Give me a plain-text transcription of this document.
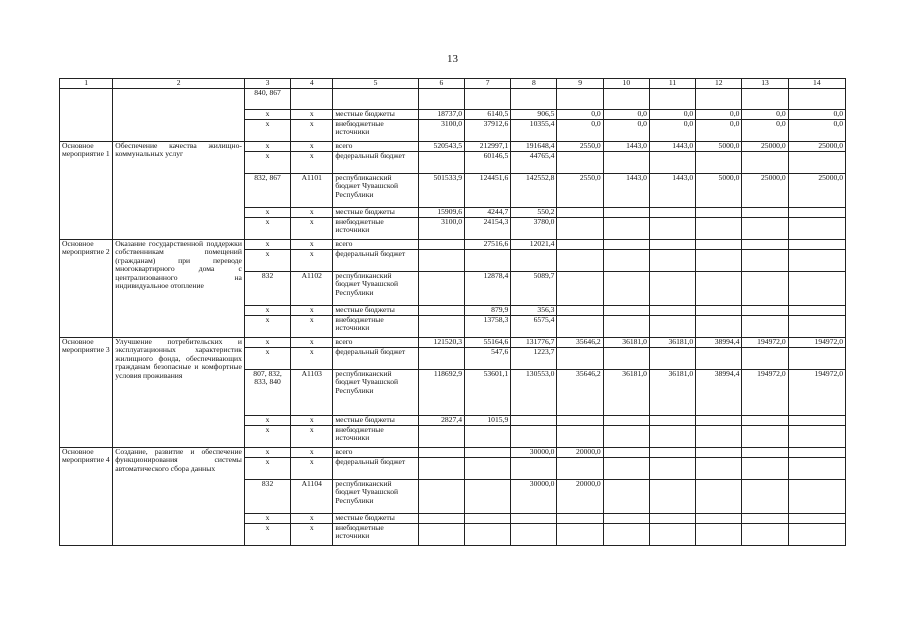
13
1	2	3	4	5	6	7	8	9	10	11	12	13	14
		840, 867											
		х	х	местные бюджеты	18737,0	6140,5	906,5	0,0	0,0	0,0	0,0	0,0	0,0
		х	х	внебюджетные источники	3100,0	37912,6	10355,4	0,0	0,0	0,0	0,0	0,0	0,0
Основное мероприятие 1	Обеспечение качества жилищно-коммунальных услуг	х	х	всего	520543,5	212997,1	191648,4	2550,0	1443,0	1443,0	5000,0	25000,0	25000,0
		х	х	федеральный бюджет		60146,5	44765,4						
		832, 867	А1101	республиканский бюджет Чувашской Республики	501533,9	124451,6	142552,8	2550,0	1443,0	1443,0	5000,0	25000,0	25000,0
		х	х	местные бюджеты	15909,6	4244,7	550,2						
		х	х	внебюджетные источники	3100,0	24154,3	3780,0						
Основное мероприятие 2	Оказание государственной поддержки собственникам помещений (гражданам) при переводе многоквартирного дома с централизованного на индивидуальное отопление	х	х	всего		27516,6	12021,4						
		х	х	федеральный бюджет									
		832	А1102	республиканский бюджет Чувашской Республики		12878,4	5089,7						
		х	х	местные бюджеты		879,9	356,3						
		х	х	внебюджетные источники		13758,3	6575,4						
Основное мероприятие 3	Улучшение потребительских и эксплуатационных характеристик жилищного фонда, обеспечивающих гражданам безопасные и комфортные условия проживания	х	х	всего	121520,3	55164,6	131776,7	35646,2	36181,0	36181,0	38994,4	194972,0	194972,0
		х	х	федеральный бюджет		547,6	1223,7						
		807, 832, 833, 840	А1103	республиканский бюджет Чувашской Республики	118692,9	53601,1	130553,0	35646,2	36181,0	36181,0	38994,4	194972,0	194972,0
		х	х	местные бюджеты	2827,4	1015,9							
		х	х	внебюджетные источники									
Основное мероприятие 4	Создание, развитие и обеспечение функционирования системы автоматического сбора данных	х	х	всего			30000,0	20000,0					
		х	х	федеральный бюджет									
		832	А1104	республиканский бюджет Чувашской Республики			30000,0	20000,0					
		х	х	местные бюджеты									
		х	х	внебюджетные источники									
